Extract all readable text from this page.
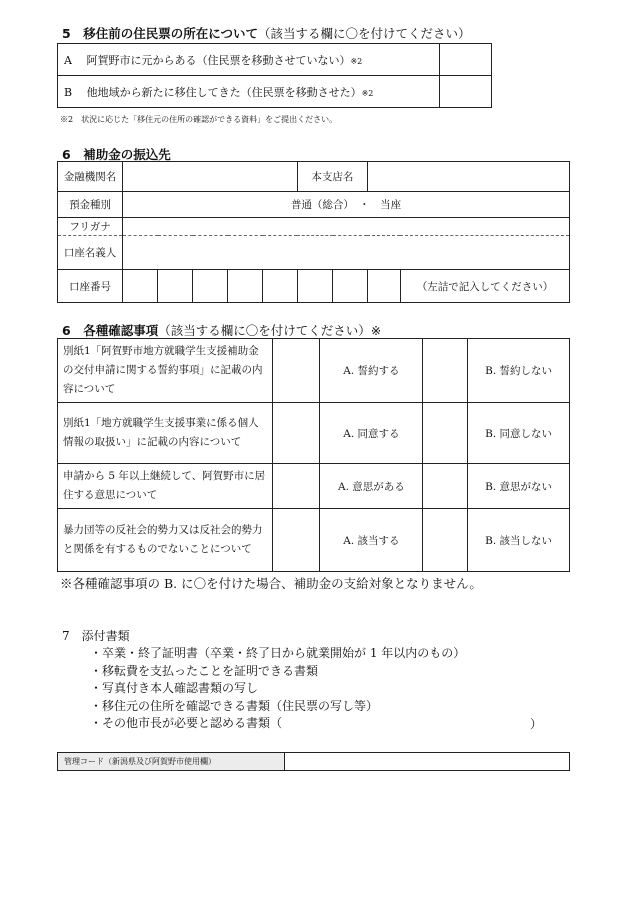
5　移住前の住民票の所在について（該当する欄に〇を付けてください）
A　 阿賀野市に元からある（住民票を移動させていない）※2	
B　 他地域から新たに移住してきた（住民票を移動させた）※2	
※2　状況に応じた「移住元の住所の確認ができる資料」をご提出ください。
6　補助金の振込先
金融機関名						本支店名			
預金種別	普通（総合）　・　当座								
フリガナ									
口座名義人									
口座番号									（左詰で記入してください）
6　各種確認事項（該当する欄に〇を付けてください）※
別紙1「阿賀野市地方就職学生支援補助金の交付申請に関する誓約事項」に記載の内容について		A. 誓約する		B. 誓約しない
別紙1「地方就職学生支援事業に係る個人情報の取扱い」に記載の内容について		A. 同意する		B. 同意しない
申請から 5 年以上継続して、阿賀野市に居住する意思について		A. 意思がある		B. 意思がない
暴力団等の反社会的勢力又は反社会的勢力と関係を有するものでないことについて		A. 該当する		B. 該当しない
※各種確認事項の B. に〇を付けた場合、補助金の支給対象となりません。
7　添付書類
・卒業・終了証明書（卒業・終了日から就業開始が 1 年以内のもの）
・移転費を支払ったことを証明できる書類
・写真付き本人確認書類の写し
・移住元の住所を確認できる書類（住民票の写し等）
・その他市長が必要と認める書類（	）
管理コード（新潟県及び阿賀野市使用欄）	
